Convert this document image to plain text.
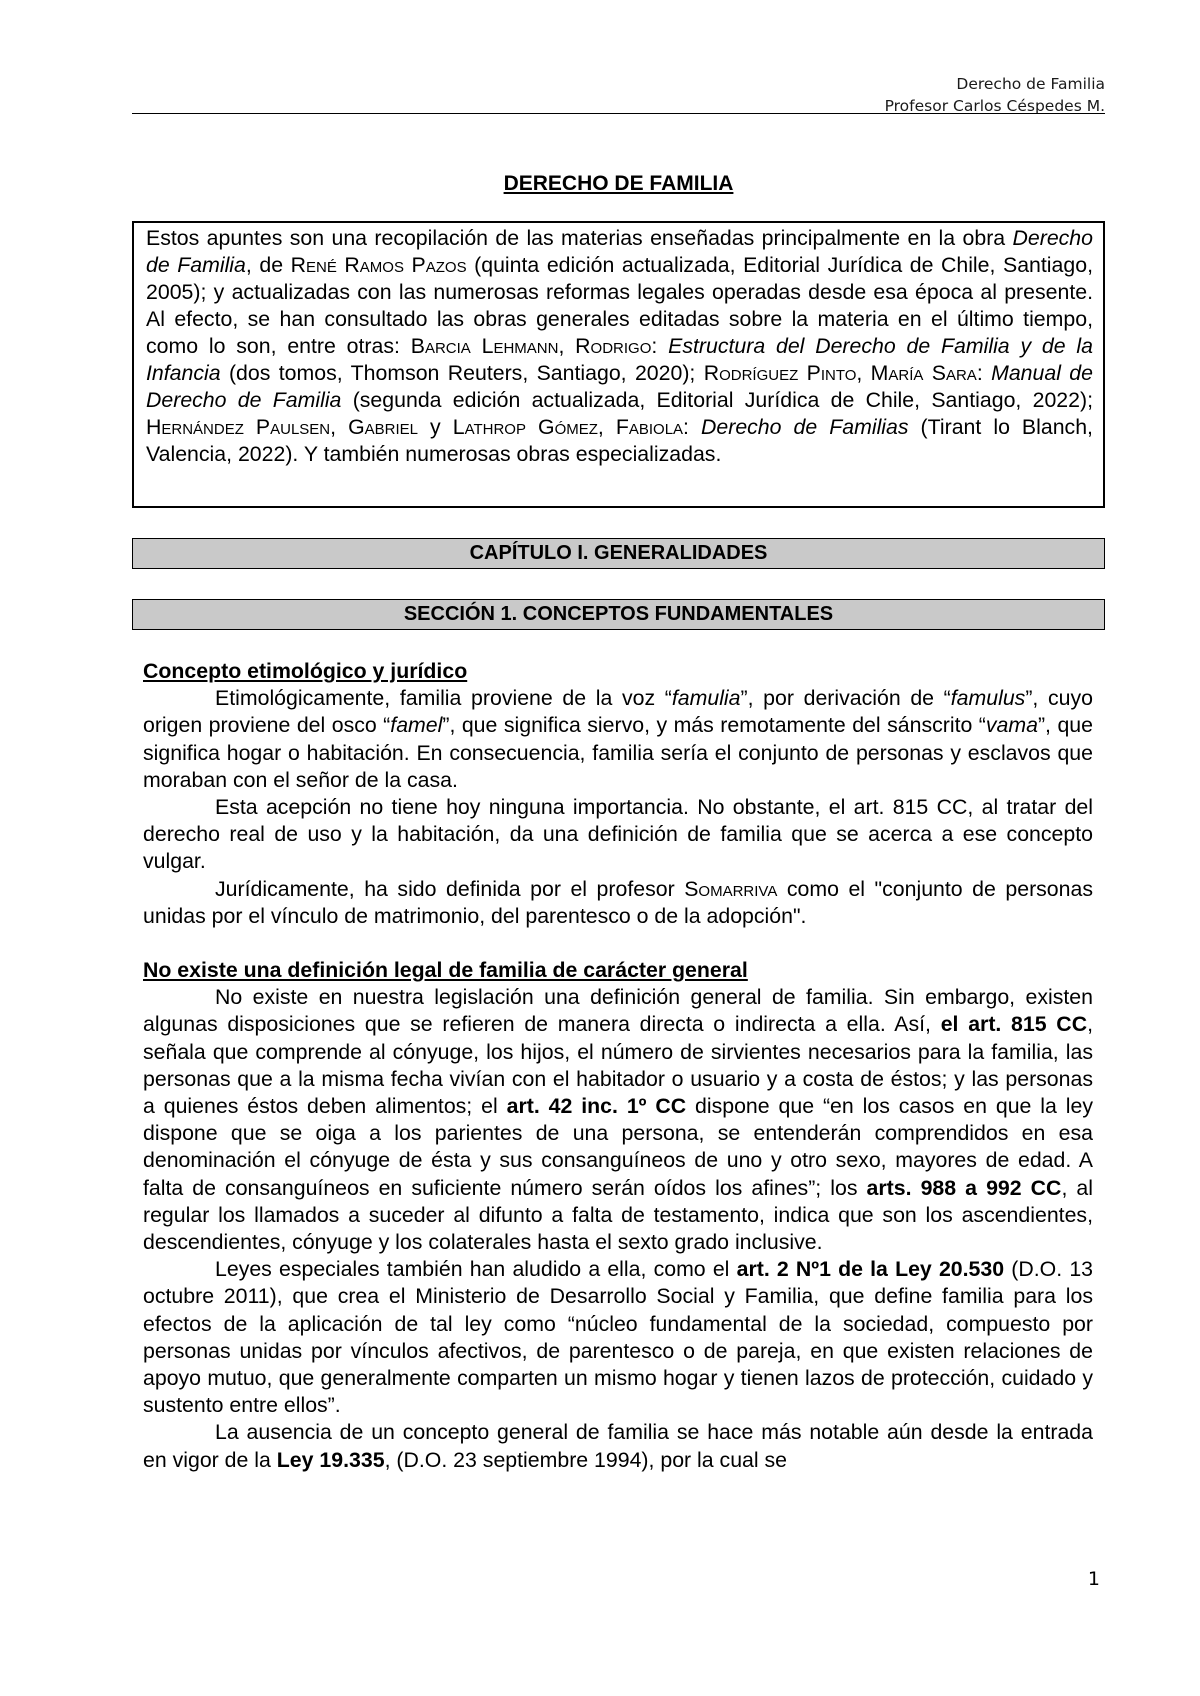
Derecho de Familia
Profesor Carlos Céspedes M.
DERECHO DE FAMILIA
Estos apuntes son una recopilación de las materias enseñadas principalmente en la obra Derecho de Familia, de René Ramos Pazos (quinta edición actualizada, Editorial Jurídica de Chile, Santiago, 2005); y actualizadas con las numerosas reformas legales operadas desde esa época al presente. Al efecto, se han consultado las obras generales editadas sobre la materia en el último tiempo, como lo son, entre otras: Barcia Lehmann, Rodrigo: Estructura del Derecho de Familia y de la Infancia (dos tomos, Thomson Reuters, Santiago, 2020); Rodríguez Pinto, María Sara: Manual de Derecho de Familia (segunda edición actualizada, Editorial Jurídica de Chile, Santiago, 2022); Hernández Paulsen, Gabriel y Lathrop Gómez, Fabiola: Derecho de Familias (Tirant lo Blanch, Valencia, 2022). Y también numerosas obras especializadas.
CAPÍTULO I. GENERALIDADES
SECCIÓN 1. CONCEPTOS FUNDAMENTALES

Concepto etimológico y jurídico

Etimológicamente, familia proviene de la voz “famulia”, por derivación de “famulus”, cuyo origen proviene del osco “famel”, que significa siervo, y más remotamente del sánscrito “vama”, que significa hogar o habitación. En consecuencia, familia sería el conjunto de personas y esclavos que moraban con el señor de la casa.

Esta acepción no tiene hoy ninguna importancia. No obstante, el art. 815 CC, al tratar del derecho real de uso y la habitación, da una definición de familia que se acerca a ese concepto vulgar.

Jurídicamente, ha sido definida por el profesor Somarriva como el "conjunto de personas unidas por el vínculo de matrimonio, del parentesco o de la adopción".

No existe una definición legal de familia de carácter general

No existe en nuestra legislación una definición general de familia. Sin embargo, existen algunas disposiciones que se refieren de manera directa o indirecta a ella. Así, el art. 815 CC, señala que comprende al cónyuge, los hijos, el número de sirvientes necesarios para la familia, las personas que a la misma fecha vivían con el habitador o usuario y a costa de éstos; y las personas a quienes éstos deben alimentos; el art. 42 inc. 1º CC dispone que “en los casos en que la ley dispone que se oiga a los parientes de una persona, se entenderán comprendidos en esa denominación el cónyuge de ésta y sus consanguíneos de uno y otro sexo, mayores de edad. A falta de consanguíneos en suficiente número serán oídos los afines”; los arts. 988 a 992 CC, al regular los llamados a suceder al difunto a falta de testamento, indica que son los ascendientes, descendientes, cónyuge y los colaterales hasta el sexto grado inclusive.

Leyes especiales también han aludido a ella, como el art. 2 Nº1 de la Ley 20.530 (D.O. 13 octubre 2011), que crea el Ministerio de Desarrollo Social y Familia, que define familia para los efectos de la aplicación de tal ley como “núcleo fundamental de la sociedad, compuesto por personas unidas por vínculos afectivos, de parentesco o de pareja, en que existen relaciones de apoyo mutuo, que generalmente comparten un mismo hogar y tienen lazos de protección, cuidado y sustento entre ellos”.

La ausencia de un concepto general de familia se hace más notable aún desde la entrada en vigor de la Ley 19.335, (D.O. 23 septiembre 1994), por la cual se

1
